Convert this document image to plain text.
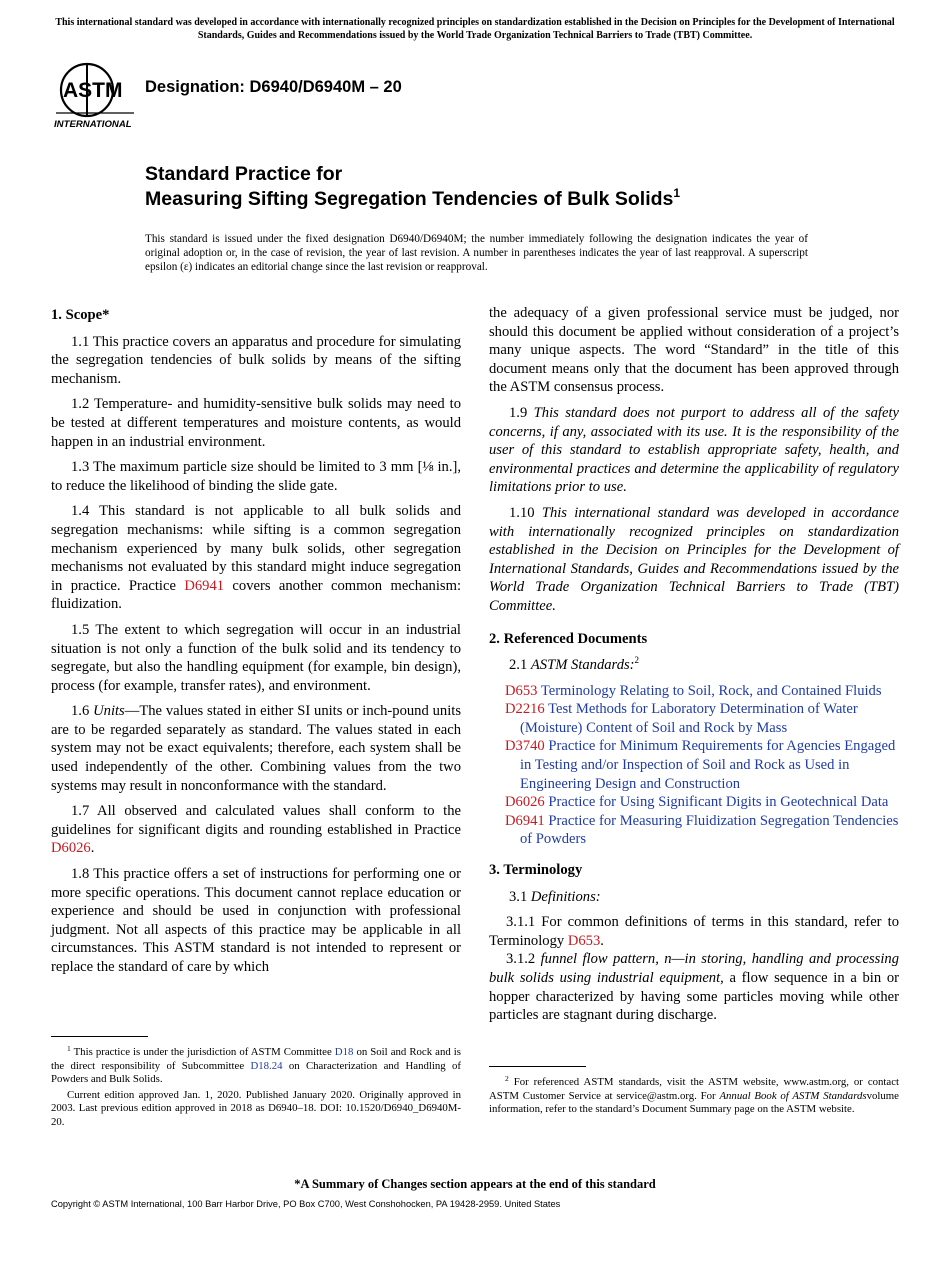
This international standard was developed in accordance with internationally recognized principles on standardization established in the Decision on Principles for the Development of International Standards, Guides and Recommendations issued by the World Trade Organization Technical Barriers to Trade (TBT) Committee.
ASTM
INTERNATIONAL
Designation: D6940/D6940M – 20
Standard Practice for
Measuring Sifting Segregation Tendencies of Bulk Solids$^1$
This standard is issued under the fixed designation D6940/D6940M; the number immediately following the designation indicates the year of original adoption or, in the case of revision, the year of last revision. A number in parentheses indicates the year of last reapproval. A superscript epsilon (ε) indicates an editorial change since the last revision or reapproval.
1. Scope*

1.1 This practice covers an apparatus and procedure for simulating the segregation tendencies of bulk solids by means of the sifting mechanism.

1.2 Temperature- and humidity-sensitive bulk solids may need to be tested at different temperatures and moisture contents, as would happen in an industrial environment.

1.3 The maximum particle size should be limited to 3 mm [⅛ in.], to reduce the likelihood of binding the slide gate.

1.4 This standard is not applicable to all bulk solids and segregation mechanisms: while sifting is a common segregation mechanism experienced by many bulk solids, other segregation mechanisms not evaluated by this standard might induce segregation in practice. Practice D6941 covers another common mechanism: fluidization.

1.5 The extent to which segregation will occur in an industrial situation is not only a function of the bulk solid and its tendency to segregate, but also the handling equipment (for example, bin design), process (for example, transfer rates), and environment.

1.6 Units—The values stated in either SI units or inch-pound units are to be regarded separately as standard. The values stated in each system may not be exact equivalents; therefore, each system shall be used independently of the other. Combining values from the two systems may result in nonconformance with the standard.

1.7 All observed and calculated values shall conform to the guidelines for significant digits and rounding established in Practice D6026.

1.8 This practice offers a set of instructions for performing one or more specific operations. This document cannot replace education or experience and should be used in conjunction with professional judgment. Not all aspects of this practice may be applicable in all circumstances. This ASTM standard is not intended to represent or replace the standard of care by which

$^1$ This practice is under the jurisdiction of ASTM Committee D18 on Soil and Rock and is the direct responsibility of Subcommittee D18.24 on Characterization and Handling of Powders and Bulk Solids.

Current edition approved Jan. 1, 2020. Published January 2020. Originally approved in 2003. Last previous edition approved in 2018 as D6940–18. DOI: 10.1520/D6940_D6940M-20.

the adequacy of a given professional service must be judged, nor should this document be applied without consideration of a project’s many unique aspects. The word “Standard” in the title of this document means only that the document has been approved through the ASTM consensus process.

1.9 This standard does not purport to address all of the safety concerns, if any, associated with its use. It is the responsibility of the user of this standard to establish appropriate safety, health, and environmental practices and determine the applicability of regulatory limitations prior to use.

1.10 This international standard was developed in accordance with internationally recognized principles on standardization established in the Decision on Principles for the Development of International Standards, Guides and Recommendations issued by the World Trade Organization Technical Barriers to Trade (TBT) Committee.

2. Referenced Documents

2.1 ASTM Standards:$^2$

D653 Terminology Relating to Soil, Rock, and Contained Fluids
D2216 Test Methods for Laboratory Determination of Water (Moisture) Content of Soil and Rock by Mass
D3740 Practice for Minimum Requirements for Agencies Engaged in Testing and/or Inspection of Soil and Rock as Used in Engineering Design and Construction
D6026 Practice for Using Significant Digits in Geotechnical Data
D6941 Practice for Measuring Fluidization Segregation Tendencies of Powders
3. Terminology

3.1 Definitions:

3.1.1 For common definitions of terms in this standard, refer to Terminology D653.

3.1.2 funnel flow pattern, n—in storing, handling and processing bulk solids using industrial equipment, a flow sequence in a bin or hopper characterized by having some particles moving while other particles are stagnant during discharge.

$^2$ For referenced ASTM standards, visit the ASTM website, www.astm.org, or contact ASTM Customer Service at service@astm.org. For Annual Book of ASTM Standardsvolume information, refer to the standard’s Document Summary page on the ASTM website.

*A Summary of Changes section appears at the end of this standard
Copyright © ASTM International, 100 Barr Harbor Drive, PO Box C700, West Conshohocken, PA 19428-2959. United States
